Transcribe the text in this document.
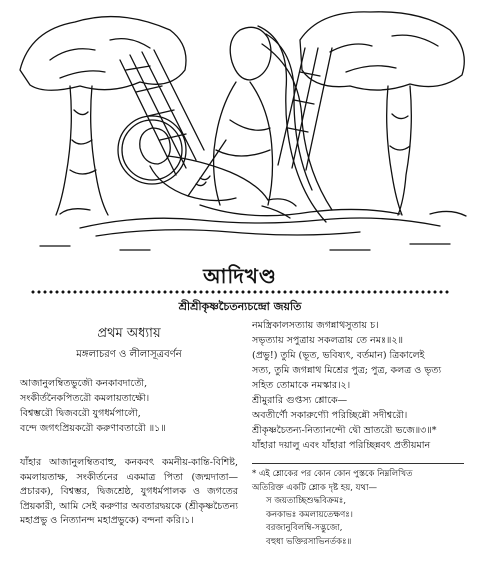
আদিখণ্ড
শ্রীশ্রীকৃষ্ণচৈতন্যচন্দ্রো জয়তি
প্রথম অধ্যায়
মঙ্গলাচরণ ও লীলাসূত্রবর্ণন
আজানুলম্বিতভুজৌ কনকাবদাতৌ,
সংকীর্তনৈকপিতরৌ কমলায়তাক্ষৌ।
বিশ্বম্ভরৌ দ্বিজবরৌ যুগধর্মপালৌ,
বন্দে জগৎপ্রিয়করৌ করুণাবতারৌ ॥১॥
যাঁহার আজানুলম্বিতবাহু, কনকবৎ কমনীয়-কান্তি-বিশিষ্ট, কমলায়তাক্ষ, সংকীর্তনের একমাত্র পিতা (জন্মদাতা—প্রচারক), বিশ্বম্ভর, দ্বিজশ্রেষ্ঠ, যুগধর্মপালক ও জগতের প্রিয়কারী, আমি সেই করুণার অবতারদ্বয়কে (শ্রীকৃষ্ণচৈতন্য মহাপ্রভু ও নিত্যানন্দ মহাপ্রভুকে) বন্দনা করি।১।
নমস্ত্রিকালসত্যায় জগন্নাথসুতায় চ।
সভৃত্যায় সপুত্রায় সকলত্রায় তে নমঃ॥২॥
(প্রভু!) তুমি (ভূত, ভবিষ্যৎ, বর্তমান) ত্রিকালেই
সত্য, তুমি জগন্নাথ মিশ্রের পুত্র; পুত্র, কলত্র ও ভৃত্য
সহিত তোমাকে নমস্কার।২।
শ্রীমুরারি গুপ্তস্য শ্লোকে—
অবতীর্ণৌ সকারুণ্যৌ পরিচ্ছিন্নৌ সদীশ্বরৌ।
শ্রীকৃষ্ণচৈতন্য-নিত্যানন্দৌ দ্বৌ ভ্রাতরৌ ভজে॥৩॥*
যাঁহারা দয়ালু এবং যাঁহারা পরিচ্ছিন্নবৎ প্রতীয়মান
* এই শ্লোকের পর কোন কোন পুস্তকে নিম্নলিখিত
অতিরিক্ত একটি শ্লোক দৃষ্ট হয়, যথা—
স জয়তাচ্ছিশুদ্ধবিক্রমঃ,
কনকাভঃ কমলায়তেক্ষণঃ।
বরজানুবিলম্বি-সদ্ভুজো,
বহুধা ভক্তিরসাভিনর্তকঃ॥
